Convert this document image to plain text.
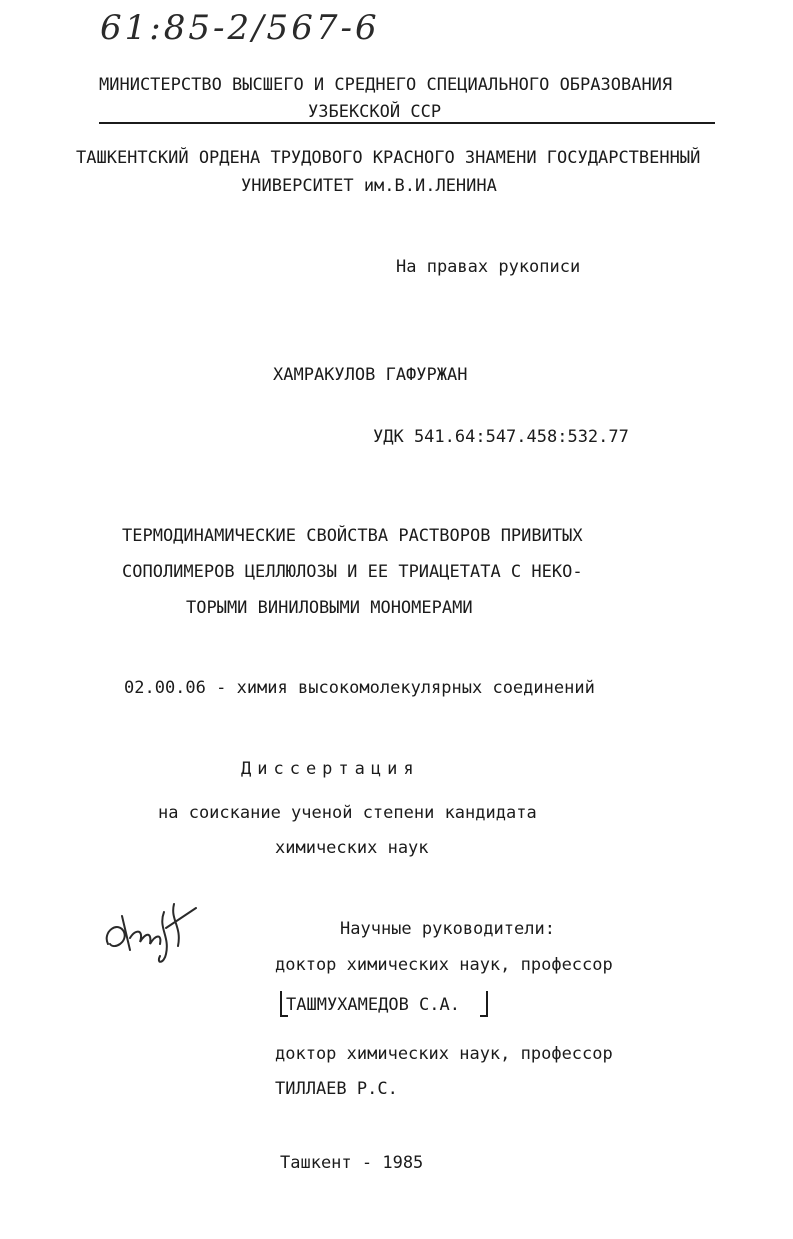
61:85-2/567-6
МИНИСТЕРСТВО ВЫСШЕГО И СРЕДНЕГО СПЕЦИАЛЬНОГО ОБРАЗОВАНИЯ
УЗБЕКСКОЙ ССР
ТАШКЕНТСКИЙ ОРДЕНА ТРУДОВОГО КРАСНОГО ЗНАМЕНИ ГОСУДАРСТВЕННЫЙ
УНИВЕРСИТЕТ им.В.И.ЛЕНИНА
На правах рукописи
ХАМРАКУЛОВ ГАФУРЖАН
УДК 541.64:547.458:532.77
ТЕРМОДИНАМИЧЕСКИЕ СВОЙСТВА РАСТВОРОВ ПРИВИТЫХ
СОПОЛИМЕРОВ ЦЕЛЛЮЛОЗЫ И ЕЕ ТРИАЦЕТАТА С НЕКО-
ТОРЫМИ ВИНИЛОВЫМИ МОНОМЕРАМИ
02.00.06 - химия высокомолекулярных соединений
Диссертация
на соискание ученой степени кандидата
химических наук
Научные руководители:
доктор химических наук, профессор
ТАШМУХАМЕДОВ С.А.
доктор химических наук, профессор
ТИЛЛАЕВ Р.С.
Ташкент - 1985
